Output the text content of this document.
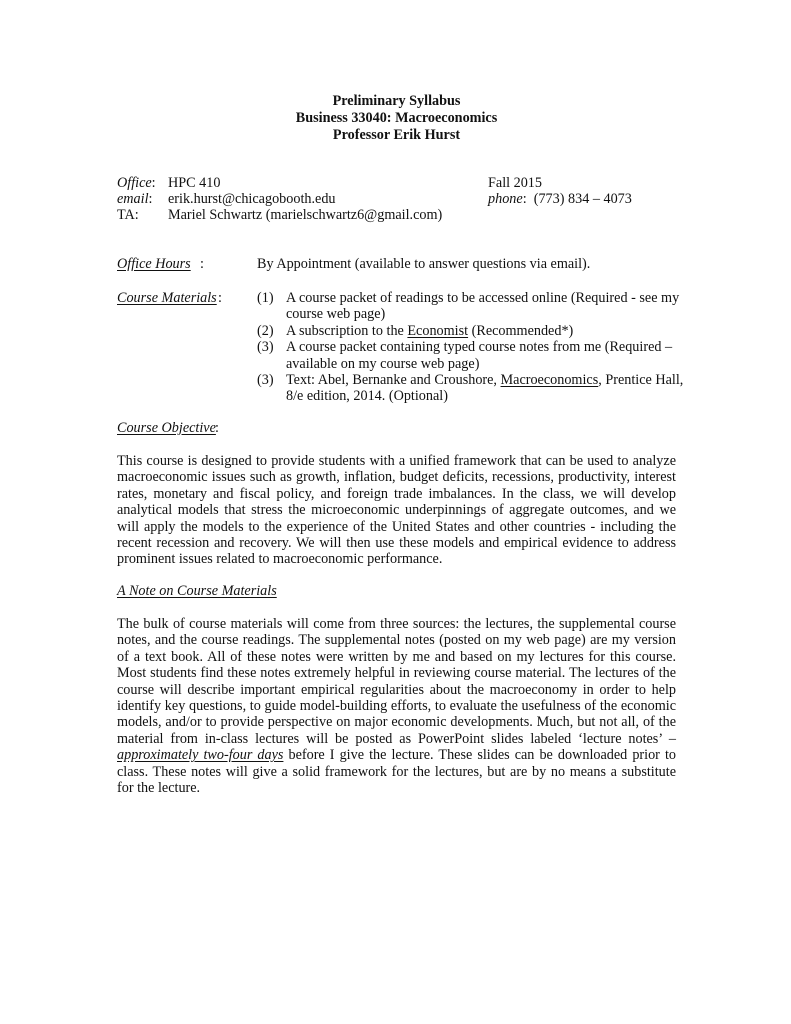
Preliminary Syllabus
Business 33040: Macroeconomics
Professor Erik Hurst
Office: HPC 410
email: erik.hurst@chicagobooth.edu
TA: Mariel Schwartz (marielschwartz6@gmail.com)
Fall 2015
phone:  (773) 834 – 4073
Office Hours :	By Appointment (available to answer questions via email).
Course Materials : (1) A course packet of readings to be accessed online (Required - see my course web page)
(2) A subscription to the Economist (Recommended*)
(3) A course packet containing typed course notes from me (Required – available on my course web page)
(3) Text: Abel, Bernanke and Croushore, Macroeconomics, Prentice Hall, 8/e edition, 2014. (Optional)
Course Objective :

This course is designed to provide students with a unified framework that can be used to analyze macroeconomic issues such as growth, inflation, budget deficits, recessions, productivity, interest rates, monetary and fiscal policy, and foreign trade imbalances. In the class, we will develop analytical models that stress the microeconomic underpinnings of aggregate outcomes, and we will apply the models to the experience of the United States and other countries - including the recent recession and recovery. We will then use these models and empirical evidence to address prominent issues related to macroeconomic performance.

A Note on Course Materials

The bulk of course materials will come from three sources: the lectures, the supplemental course notes, and the course readings. The supplemental notes (posted on my web page) are my version of a text book. All of these notes were written by me and based on my lectures for this course. Most students find these notes extremely helpful in reviewing course material. The lectures of the course will describe important empirical regularities about the macroeconomy in order to help identify key questions, to guide model-building efforts, to evaluate the usefulness of the economic models, and/or to provide perspective on major economic developments. Much, but not all, of the material from in-class lectures will be posted as PowerPoint slides labeled ‘lecture notes’ – approximately two-four days before I give the lecture. These slides can be downloaded prior to class. These notes will give a solid framework for the lectures, but are by no means a substitute for the lecture.
